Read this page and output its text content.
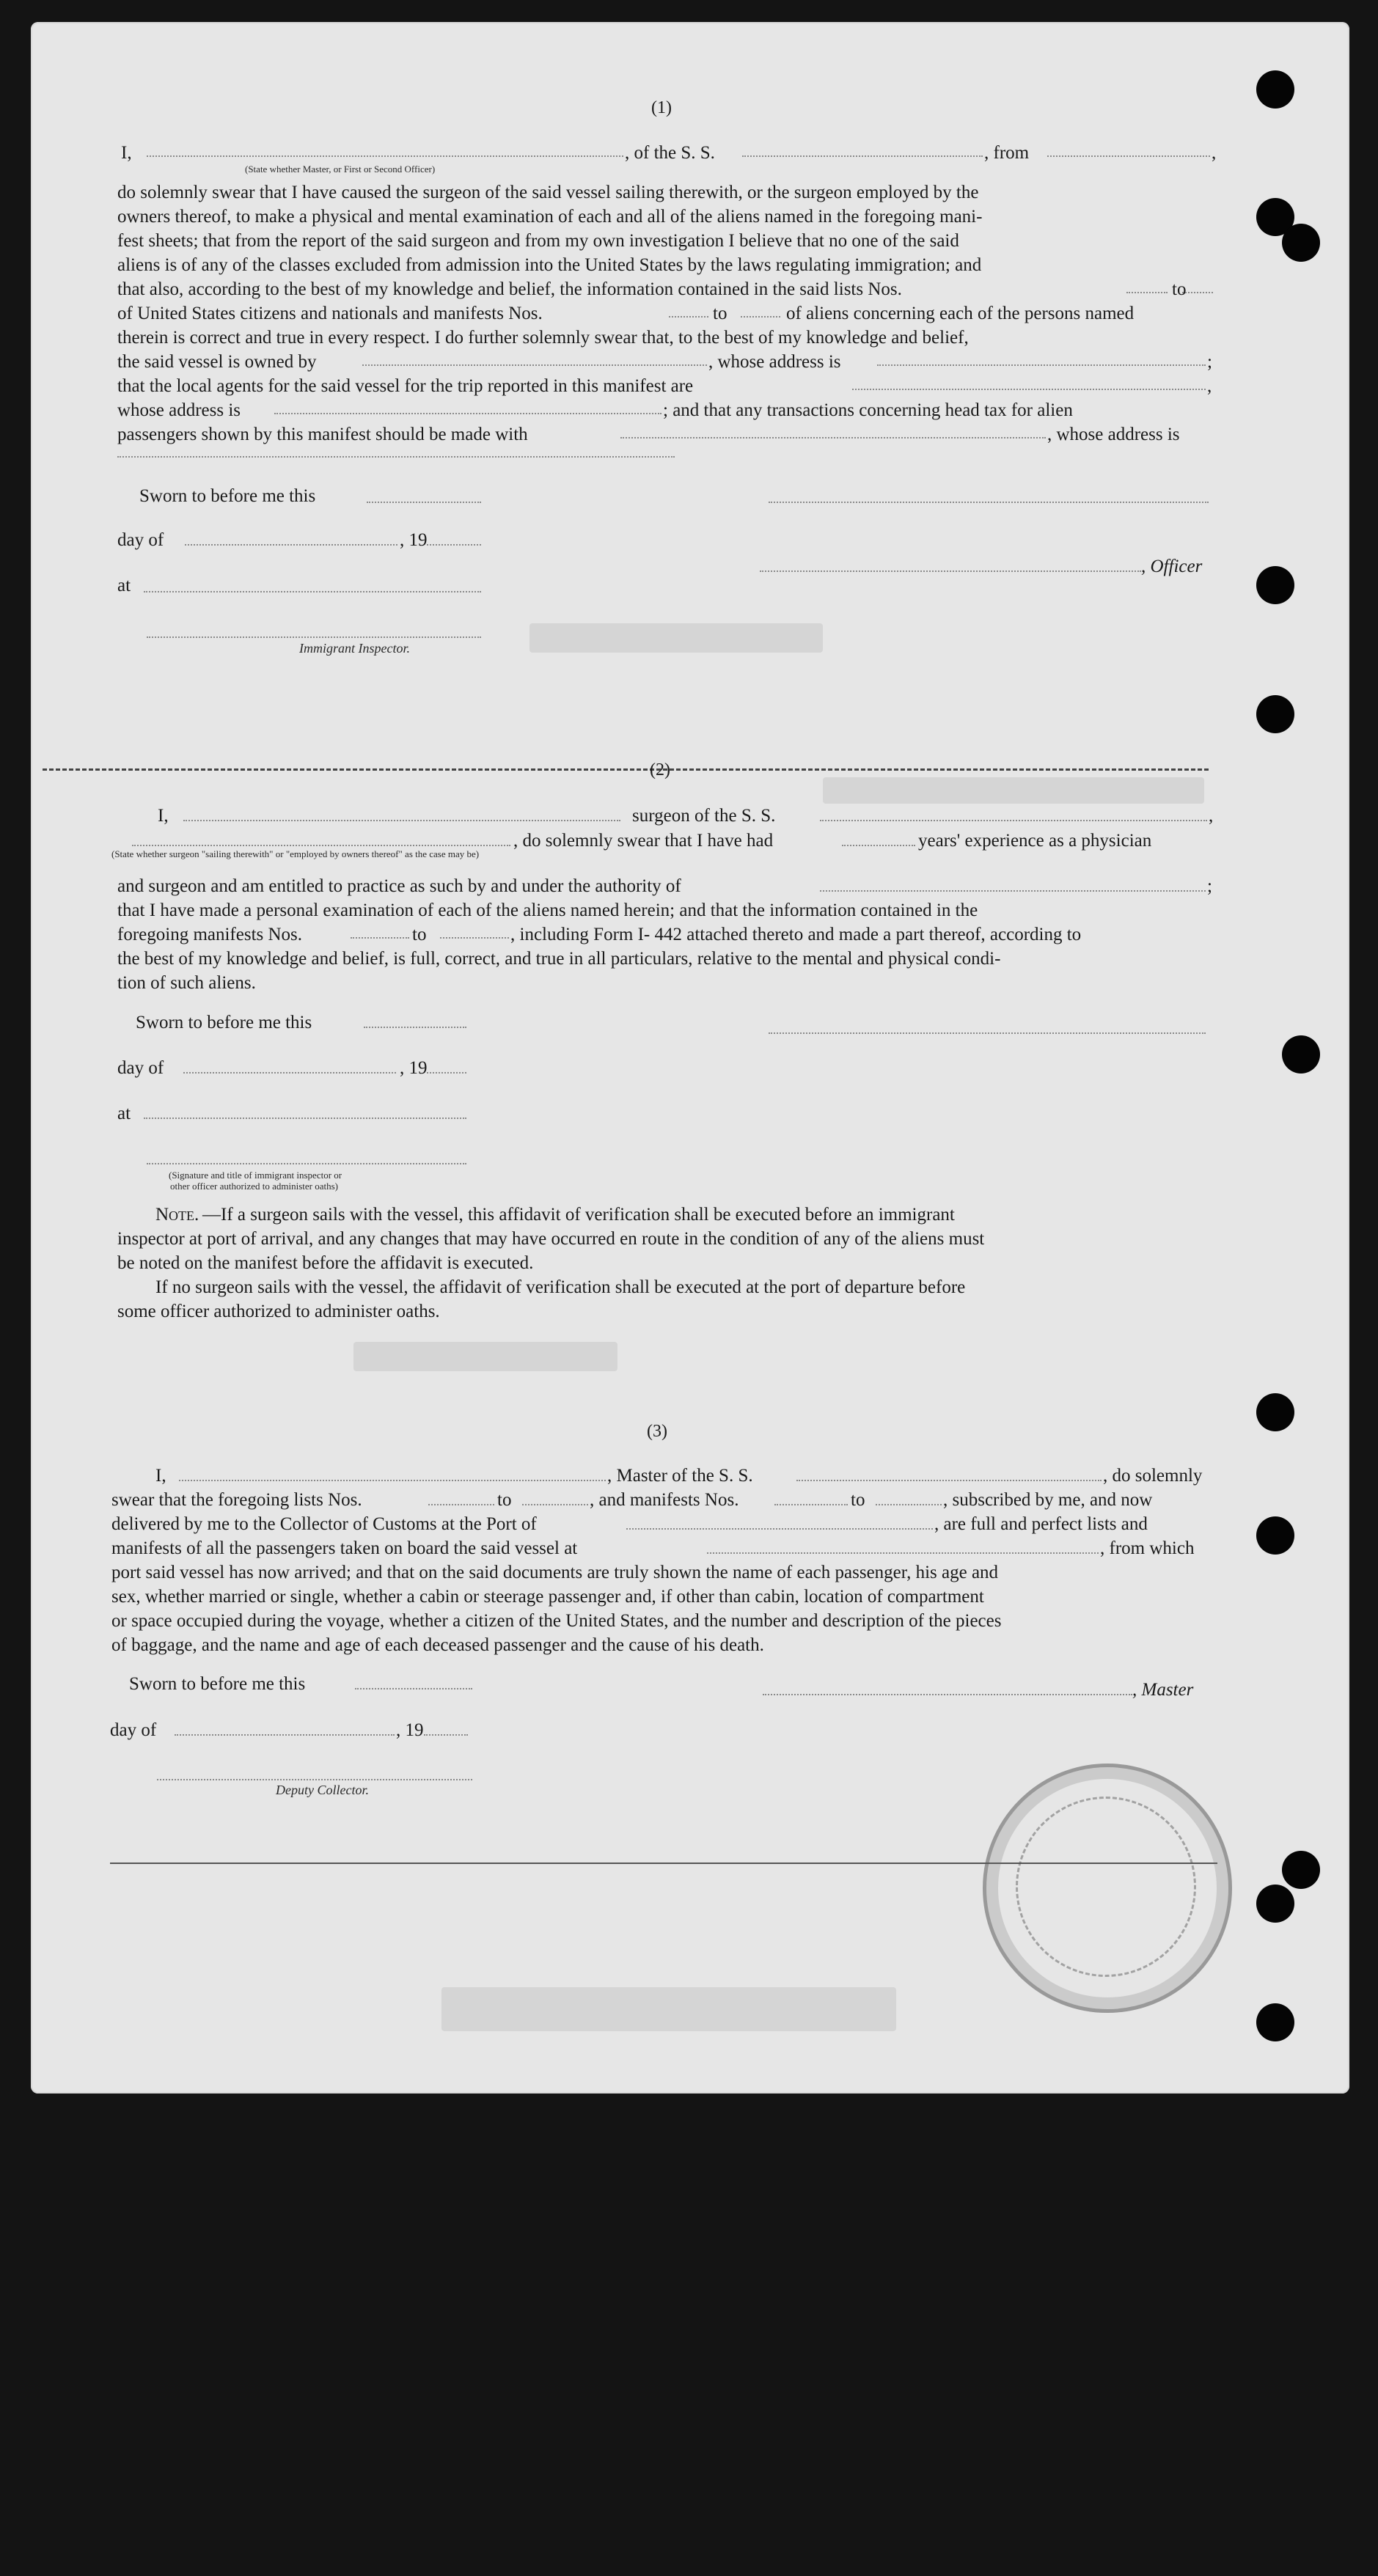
(1)
I,	, of the S. S.	, from	,
(State whether Master, or First or Second Officer)
do solemnly swear that I have caused the surgeon of the said vessel sailing therewith, or the surgeon employed by the
owners thereof, to make a physical and mental examination of each and all of the aliens named in the foregoing mani-
fest sheets; that from the report of the said surgeon and from my own investigation I believe that no one of the said
aliens is of any of the classes excluded from admission into the United States by the laws regulating immigration; and
that also, according to the best of my knowledge and belief, the information contained in the said lists Nos.	to
of United States citizens and nationals and manifests Nos.	to	of aliens concerning each of the persons named
therein is correct and true in every respect. I do further solemnly swear that, to the best of my knowledge and belief,
the said vessel is owned by	, whose address is	;
that the local agents for the said vessel for the trip reported in this manifest are	,
whose address is	; and that any transactions concerning head tax for alien
passengers shown by this manifest should be made with	, whose address is
Sworn to before me this
day of	, 19
, Officer
at
Immigrant Inspector.
(2)
I,	surgeon of the S. S.	,
, do solemnly swear that I have had	years' experience as a physician
(State whether surgeon "sailing therewith" or "employed by owners thereof" as the case may be)
and surgeon and am entitled to practice as such by and under the authority of	;
that I have made a personal examination of each of the aliens named herein; and that the information contained in the
foregoing manifests Nos.	to	, including Form I- 442 attached thereto and made a part thereof, according to
the best of my knowledge and belief, is full, correct, and true in all particulars, relative to the mental and physical condi-
tion of such aliens.
Sworn to before me this
day of	, 19
at
(Signature and title of immigrant inspector or
other officer authorized to administer oaths)
Note. —If a surgeon sails with the vessel, this affidavit of verification shall be executed before an immigrant
inspector at port of arrival, and any changes that may have occurred en route in the condition of any of the aliens must
be noted on the manifest before the affidavit is executed.
If no surgeon sails with the vessel, the affidavit of verification shall be executed at the port of departure before
some officer authorized to administer oaths.
(3)
I,	, Master of the S. S.	, do solemnly
swear that the foregoing lists Nos.	to	, and manifests Nos.	to	, subscribed by me, and now
delivered by me to the Collector of Customs at the Port of	, are full and perfect lists and
manifests of all the passengers taken on board the said vessel at	, from which
port said vessel has now arrived; and that on the said documents are truly shown the name of each passenger, his age and
sex, whether married or single, whether a cabin or steerage passenger and, if other than cabin, location of compartment
or space occupied during the voyage, whether a citizen of the United States, and the number and description of the pieces
of baggage, and the name and age of each deceased passenger and the cause of his death.
Sworn to before me this	, Master
day of	, 19
Deputy Collector.
